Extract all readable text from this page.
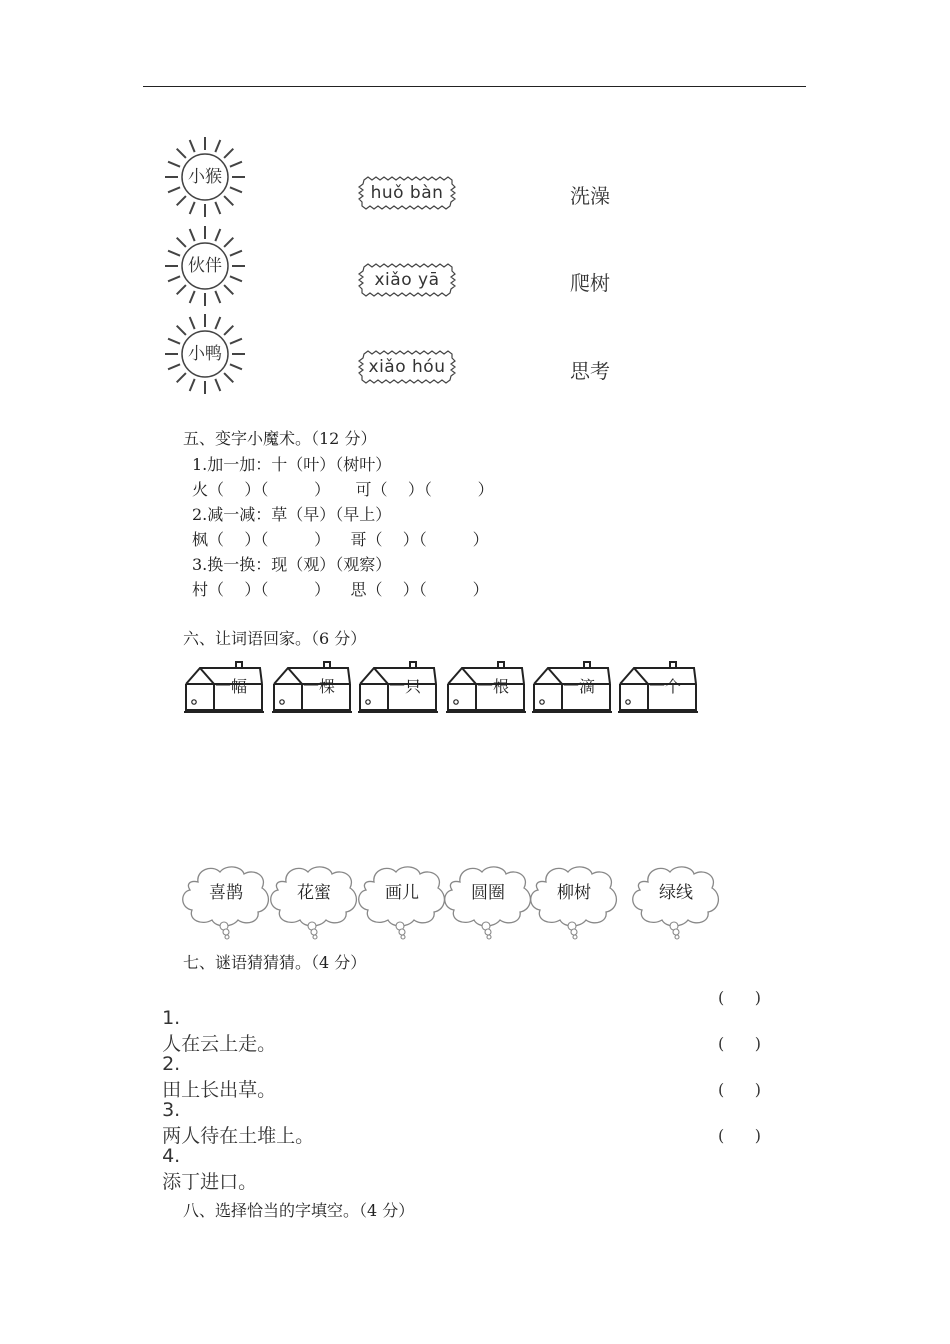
小猴
伙伴
小鸭
huǒ bàn
xiǎo yā
xiǎo hóu
洗澡
爬树
思考
五、变字小魔术。（12 分）
1.加一加：十（叶）（树叶）
火（    ）（         ）     可（    ）（         ）
2.减一减：草（早）（早上）
枫（    ）（         ）    哥（    ）（         ）
3.换一换：现（观）（观察）
村（    ）（         ）    思（    ）（         ）
六、让词语回家。（6 分）
一幅	一棵	一只	一根	一滴	一个
喜鹊	花蜜	画儿	圆圈	柳树	绿线
七、谜语猜猜猜。（4 分）

1.
人在云上走。

(      )

2.
田上长出草。

(      )

3.
两人待在土堆上。

(      )

4.
添丁进口。

(      )
八、选择恰当的字填空。（4 分）
